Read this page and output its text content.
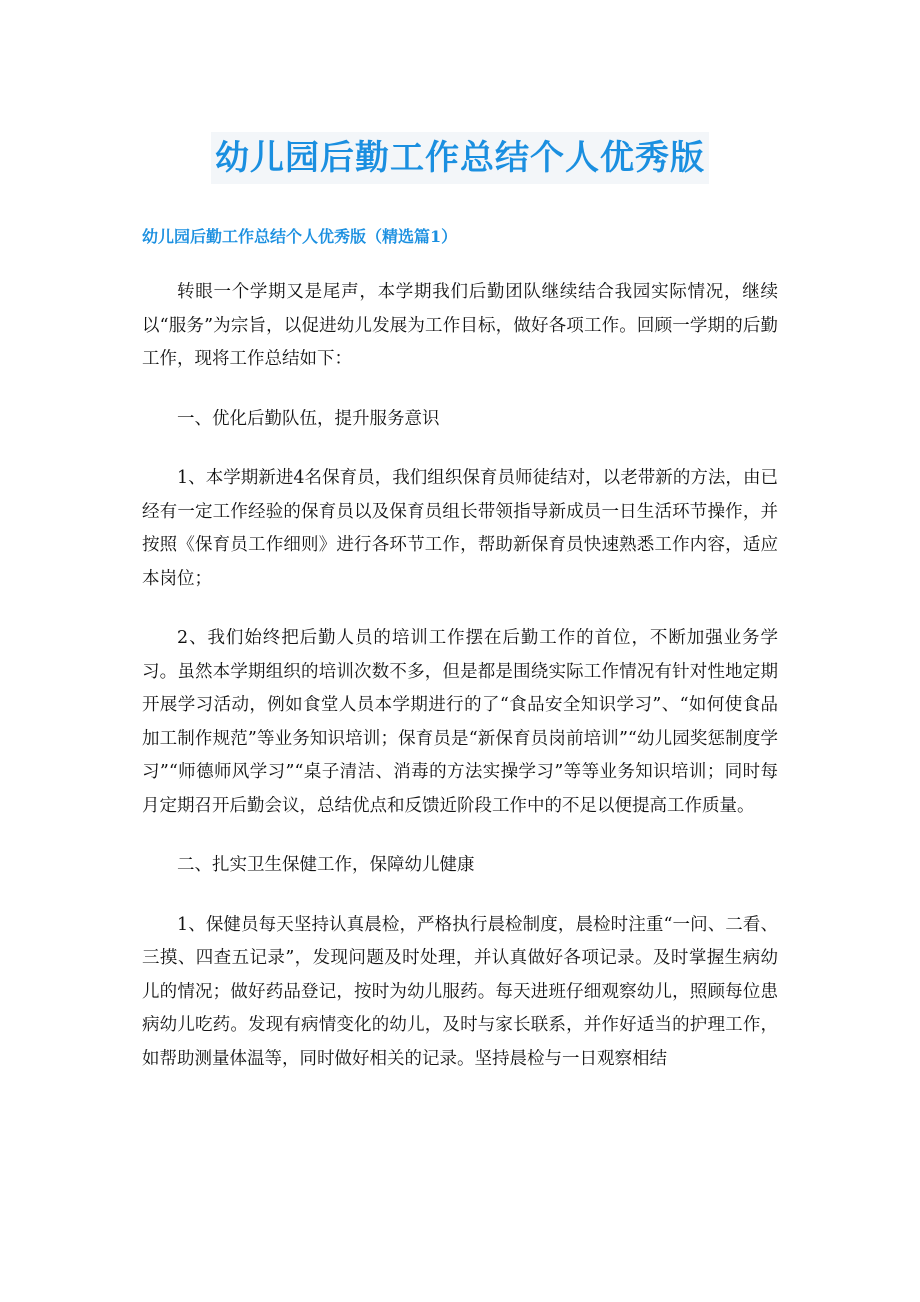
幼儿园后勤工作总结个人优秀版
幼儿园后勤工作总结个人优秀版（精选篇1）

转眼一个学期又是尾声，本学期我们后勤团队继续结合我园实际情况，继续以“服务”为宗旨，以促进幼儿发展为工作目标，做好各项工作。回顾一学期的后勤工作，现将工作总结如下：

一、优化后勤队伍，提升服务意识

1、本学期新进4名保育员，我们组织保育员师徒结对，以老带新的方法，由已经有一定工作经验的保育员以及保育员组长带领指导新成员一日生活环节操作，并按照《保育员工作细则》进行各环节工作，帮助新保育员快速熟悉工作内容，适应本岗位；

2、我们始终把后勤人员的培训工作摆在后勤工作的首位，不断加强业务学习。虽然本学期组织的培训次数不多，但是都是围绕实际工作情况有针对性地定期开展学习活动，例如食堂人员本学期进行的了“食品安全知识学习”、“如何使食品加工制作规范”等业务知识培训；保育员是“新保育员岗前培训”“幼儿园奖惩制度学习”“师德师风学习”“桌子清洁、消毒的方法实操学习”等等业务知识培训；同时每月定期召开后勤会议，总结优点和反馈近阶段工作中的不足以便提高工作质量。

二、扎实卫生保健工作，保障幼儿健康

1、保健员每天坚持认真晨检，严格执行晨检制度，晨检时注重“一问、二看、三摸、四查五记录”，发现问题及时处理，并认真做好各项记录。及时掌握生病幼儿的情况；做好药品登记，按时为幼儿服药。每天进班仔细观察幼儿，照顾每位患病幼儿吃药。发现有病情变化的幼儿，及时与家长联系，并作好适当的护理工作，如帮助测量体温等，同时做好相关的记录。坚持晨检与一日观察相结
